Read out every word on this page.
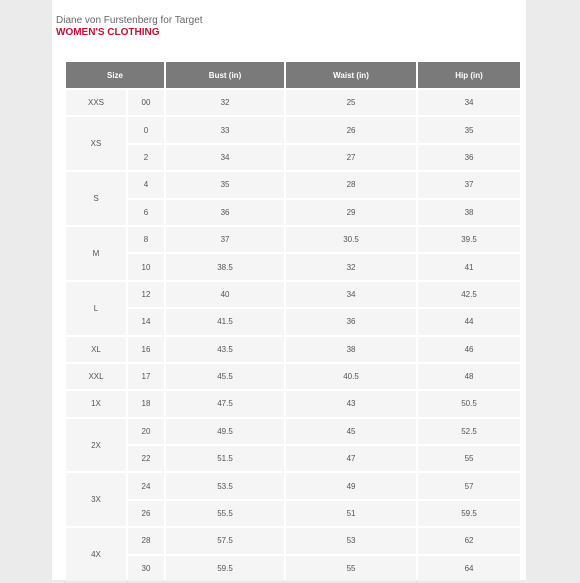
Diane von Furstenberg for Target
WOMEN'S CLOTHING
Size		Bust (in)	Waist (in)	Hip (in)
XXS	00	32	25	34
XS	0	33	26	35
	2	34	27	36
S	4	35	28	37
	6	36	29	38
M	8	37	30.5	39.5
	10	38.5	32	41
L	12	40	34	42.5
	14	41.5	36	44
XL	16	43.5	38	46
XXL	17	45.5	40.5	48
1X	18	47.5	43	50.5
2X	20	49.5	45	52.5
	22	51.5	47	55
3X	24	53.5	49	57
	26	55.5	51	59.5
4X	28	57.5	53	62
	30	59.5	55	64
